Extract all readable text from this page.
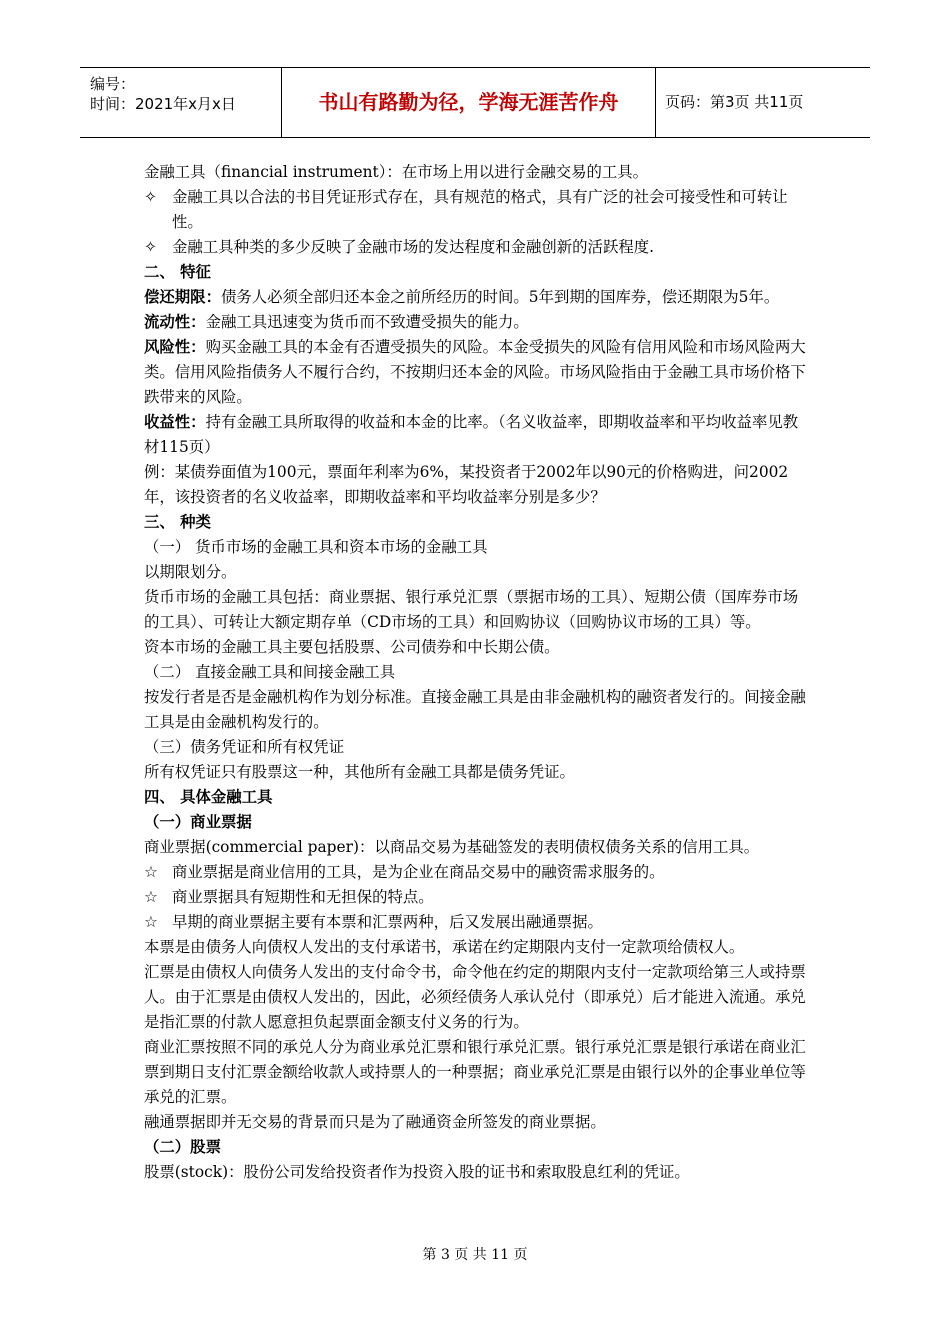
编号：
时间：2021年x月x日	书山有路勤为径，学海无涯苦作舟	页码：第3页 共11页

金融工具（financial instrument）：在市场上用以进行金融交易的工具。

✧ 金融工具以合法的书目凭证形式存在，具有规范的格式，具有广泛的社会可接受性和可转让性。
✧ 金融工具种类的多少反映了金融市场的发达程度和金融创新的活跃程度.

二、 特征

偿还期限：债务人必须全部归还本金之前所经历的时间。5年到期的国库券，偿还期限为5年。

流动性：金融工具迅速变为货币而不致遭受损失的能力。

风险性：购买金融工具的本金有否遭受损失的风险。本金受损失的风险有信用风险和市场风险两大类。信用风险指债务人不履行合约，不按期归还本金的风险。市场风险指由于金融工具市场价格下跌带来的风险。

收益性：持有金融工具所取得的收益和本金的比率。（名义收益率，即期收益率和平均收益率见教材115页）

例：某债券面值为100元，票面年利率为6%，某投资者于2002年以90元的价格购进，问2002年，该投资者的名义收益率，即期收益率和平均收益率分别是多少？

三、 种类

（一） 货币市场的金融工具和资本市场的金融工具

以期限划分。

货币市场的金融工具包括：商业票据、银行承兑汇票（票据市场的工具）、短期公债（国库券市场的工具）、可转让大额定期存单（CD市场的工具）和回购协议（回购协议市场的工具）等。

资本市场的金融工具主要包括股票、公司债券和中长期公债。

（二） 直接金融工具和间接金融工具

按发行者是否是金融机构作为划分标准。直接金融工具是由非金融机构的融资者发行的。间接金融工具是由金融机构发行的。

（三）债务凭证和所有权凭证

所有权凭证只有股票这一种，其他所有金融工具都是债务凭证。

四、 具体金融工具

（一）商业票据

商业票据(commercial paper)：以商品交易为基础签发的表明债权债务关系的信用工具。

☆ 商业票据是商业信用的工具，是为企业在商品交易中的融资需求服务的。
☆ 商业票据具有短期性和无担保的特点。
☆ 早期的商业票据主要有本票和汇票两种，后又发展出融通票据。

本票是由债务人向债权人发出的支付承诺书，承诺在约定期限内支付一定款项给债权人。

汇票是由债权人向债务人发出的支付命令书，命令他在约定的期限内支付一定款项给第三人或持票人。由于汇票是由债权人发出的，因此，必须经债务人承认兑付（即承兑）后才能进入流通。承兑是指汇票的付款人愿意担负起票面金额支付义务的行为。

商业汇票按照不同的承兑人分为商业承兑汇票和银行承兑汇票。银行承兑汇票是银行承诺在商业汇票到期日支付汇票金额给收款人或持票人的一种票据；商业承兑汇票是由银行以外的企事业单位等承兑的汇票。

融通票据即并无交易的背景而只是为了融通资金所签发的商业票据。

（二）股票

股票(stock)：股份公司发给投资者作为投资入股的证书和索取股息红利的凭证。

第 3 页 共 11 页
